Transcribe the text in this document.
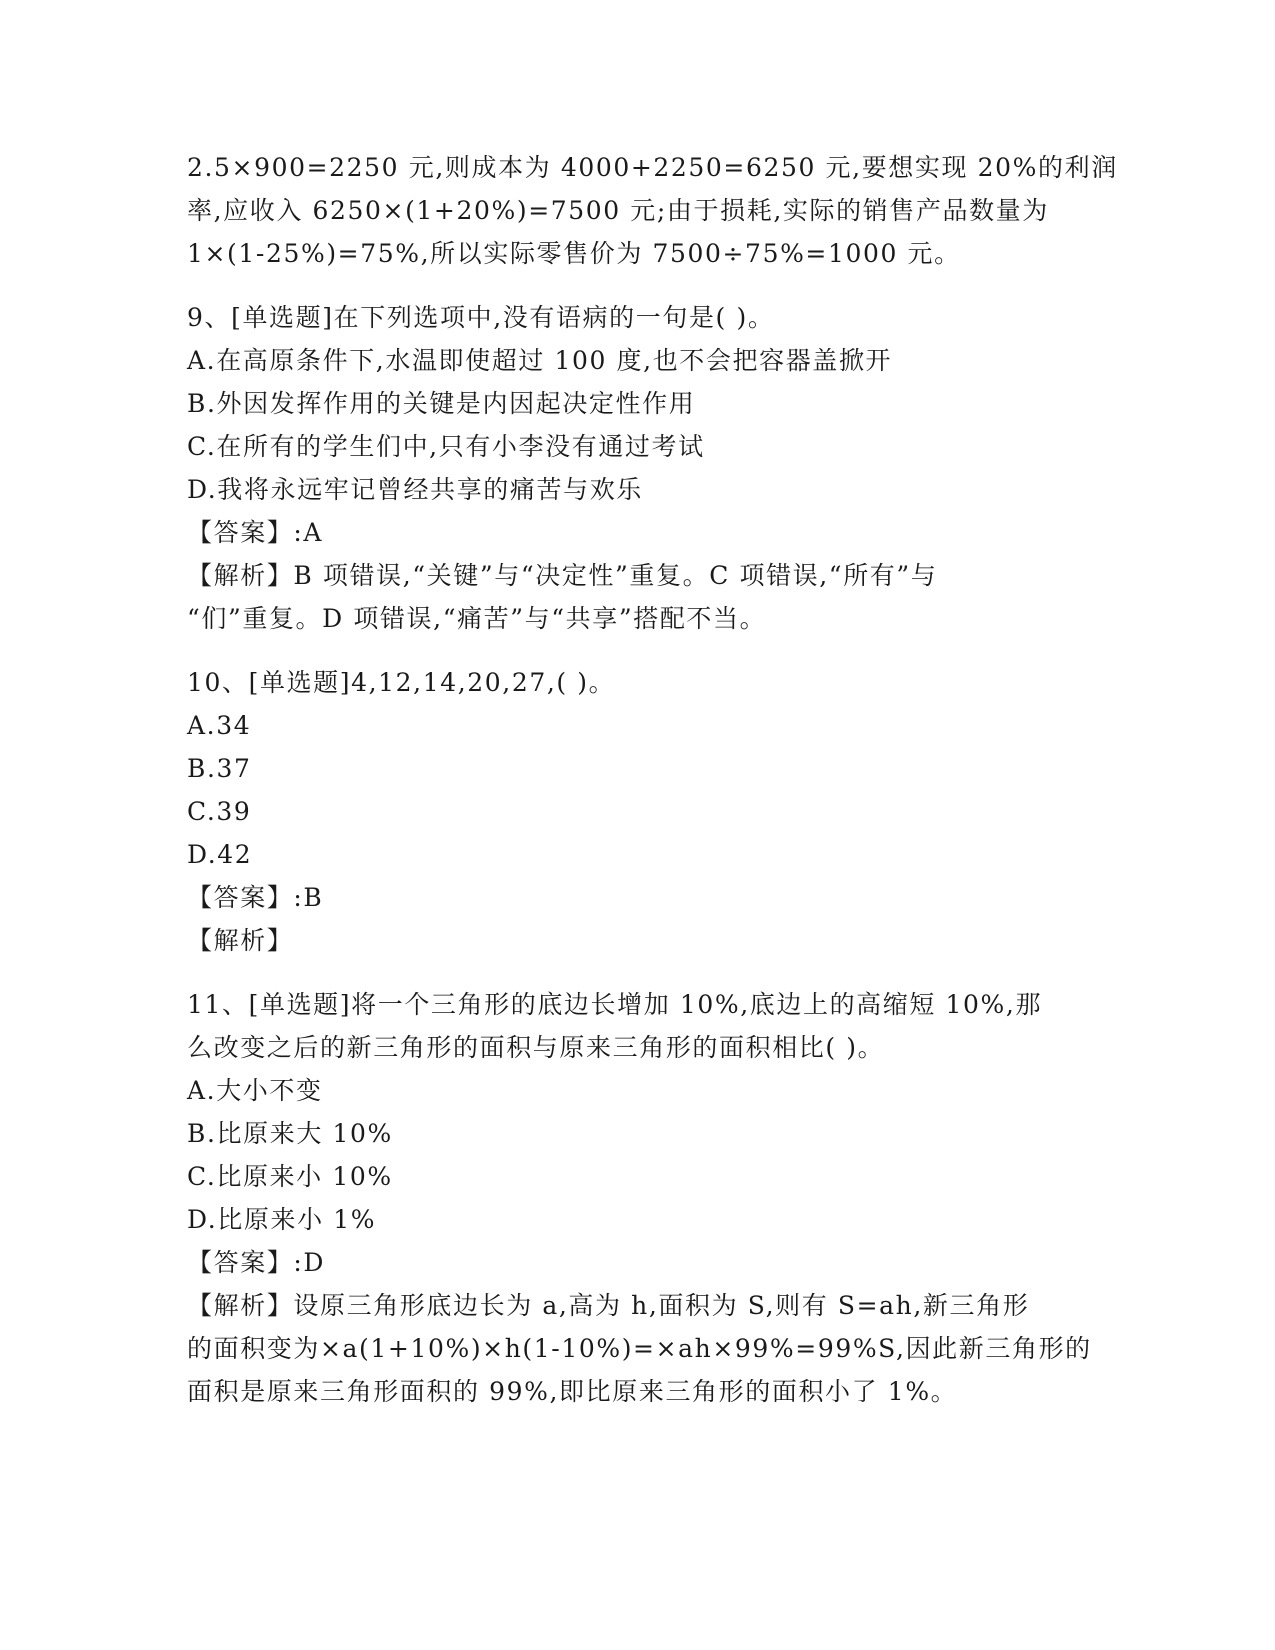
2.5×900=2250 元,则成本为 4000+2250=6250 元,要想实现 20%的利润
率,应收入 6250×(1+20%)=7500 元;由于损耗,实际的销售产品数量为
1×(1-25%)=75%,所以实际零售价为 7500÷75%=1000 元。
9、[单选题]在下列选项中,没有语病的一句是( )。
A.在高原条件下,水温即使超过 100 度,也不会把容器盖掀开
B.外因发挥作用的关键是内因起决定性作用
C.在所有的学生们中,只有小李没有通过考试
D.我将永远牢记曾经共享的痛苦与欢乐
【答案】:A
【解析】B 项错误,“关键”与“决定性”重复。C 项错误,“所有”与
“们”重复。D 项错误,“痛苦”与“共享”搭配不当。
10、[单选题]4,12,14,20,27,( )。
A.34
B.37
C.39
D.42
【答案】:B
【解析】
11、[单选题]将一个三角形的底边长增加 10%,底边上的高缩短 10%,那
么改变之后的新三角形的面积与原来三角形的面积相比( )。
A.大小不变
B.比原来大 10%
C.比原来小 10%
D.比原来小 1%
【答案】:D
【解析】设原三角形底边长为 a,高为 h,面积为 S,则有 S=ah,新三角形
的面积变为×a(1+10%)×h(1-10%)=×ah×99%=99%S,因此新三角形的
面积是原来三角形面积的 99%,即比原来三角形的面积小了 1%。
